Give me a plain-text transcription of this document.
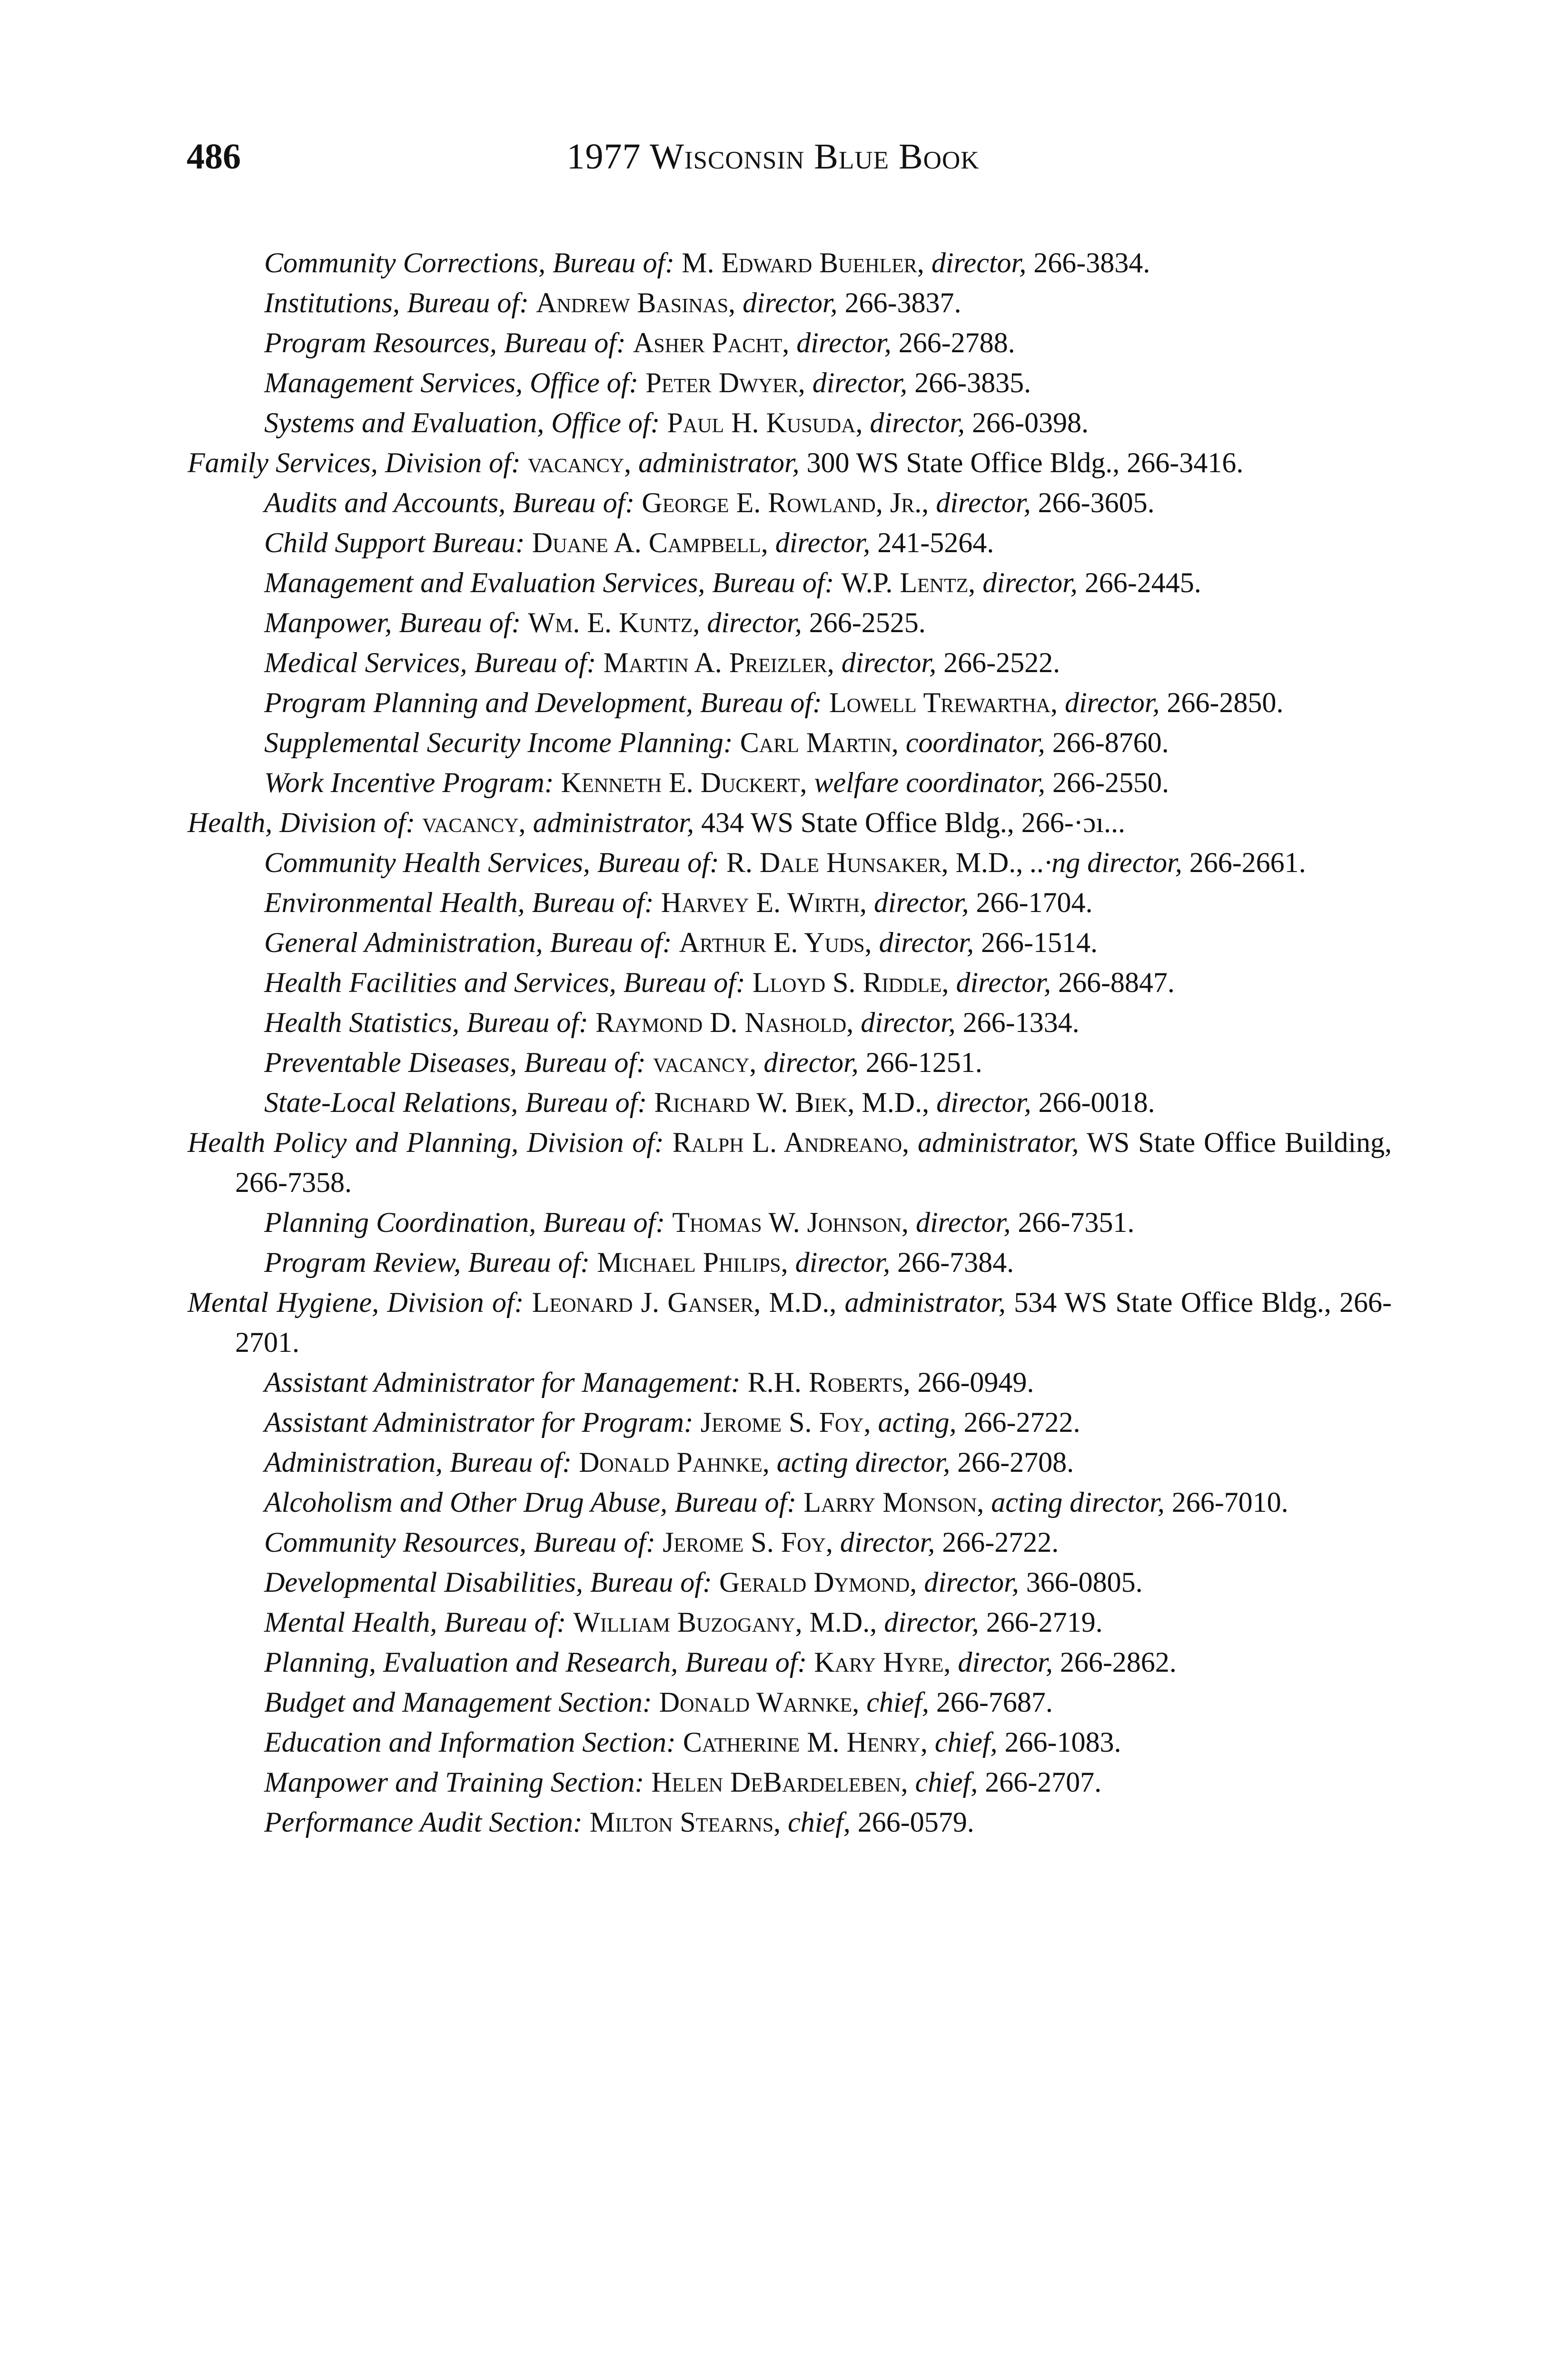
486	1977 Wisconsin Blue Book
Community Corrections, Bureau of: M. Edward Buehler, director, 266-3834.
Institutions, Bureau of: Andrew Basinas, director, 266-3837.
Program Resources, Bureau of: Asher Pacht, director, 266-2788.
Management Services, Office of: Peter Dwyer, director, 266-3835.
Systems and Evaluation, Office of: Paul H. Kusuda, director, 266-0398.
Family Services, Division of: vacancy, administrator, 300 WS State Office Bldg., 266-3416.
Audits and Accounts, Bureau of: George E. Rowland, Jr., director, 266-3605.
Child Support Bureau: Duane A. Campbell, director, 241-5264.
Management and Evaluation Services, Bureau of: W.P. Lentz, director, 266-2445.
Manpower, Bureau of: Wm. E. Kuntz, director, 266-2525.
Medical Services, Bureau of: Martin A. Preizler, director, 266-2522.
Program Planning and Development, Bureau of: Lowell Trewartha, director, 266-2850.
Supplemental Security Income Planning: Carl Martin, coordinator, 266-8760.
Work Incentive Program: Kenneth E. Duckert, welfare coordinator, 266-2550.
Health, Division of: vacancy, administrator, 434 WS State Office Bldg., 266-·ɔı...
Community Health Services, Bureau of: R. Dale Hunsaker, M.D., ..·ng director, 266-2661.
Environmental Health, Bureau of: Harvey E. Wirth, director, 266-1704.
General Administration, Bureau of: Arthur E. Yuds, director, 266-1514.
Health Facilities and Services, Bureau of: Lloyd S. Riddle, director, 266-8847.
Health Statistics, Bureau of: Raymond D. Nashold, director, 266-1334.
Preventable Diseases, Bureau of: vacancy, director, 266-1251.
State-Local Relations, Bureau of: Richard W. Biek, M.D., director, 266-0018.
Health Policy and Planning, Division of: Ralph L. Andreano, administrator, WS State Office Building, 266-7358.
Planning Coordination, Bureau of: Thomas W. Johnson, director, 266-7351.
Program Review, Bureau of: Michael Philips, director, 266-7384.
Mental Hygiene, Division of: Leonard J. Ganser, M.D., administrator, 534 WS State Office Bldg., 266-2701.
Assistant Administrator for Management: R.H. Roberts, 266-0949.
Assistant Administrator for Program: Jerome S. Foy, acting, 266-2722.
Administration, Bureau of: Donald Pahnke, acting director, 266-2708.
Alcoholism and Other Drug Abuse, Bureau of: Larry Monson, acting director, 266-7010.
Community Resources, Bureau of: Jerome S. Foy, director, 266-2722.
Developmental Disabilities, Bureau of: Gerald Dymond, director, 366-0805.
Mental Health, Bureau of: William Buzogany, M.D., director, 266-2719.
Planning, Evaluation and Research, Bureau of: Kary Hyre, director, 266-2862.
Budget and Management Section: Donald Warnke, chief, 266-7687.
Education and Information Section: Catherine M. Henry, chief, 266-1083.
Manpower and Training Section: Helen DeBardeleben, chief, 266-2707.
Performance Audit Section: Milton Stearns, chief, 266-0579.
